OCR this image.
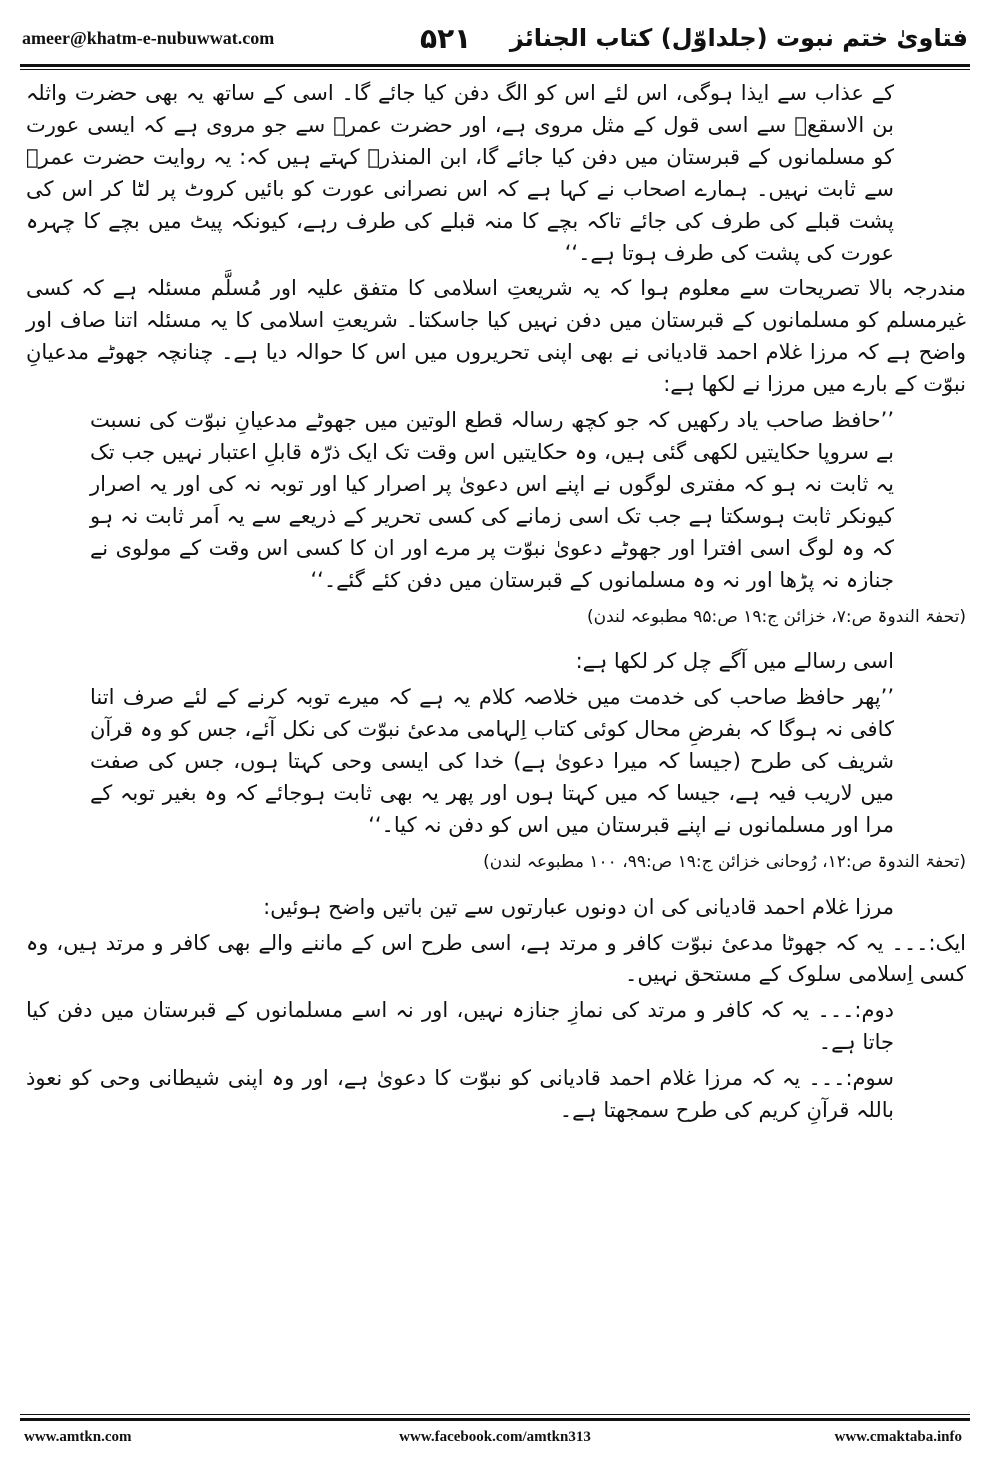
ameer@khatm-e-nubuwwat.com	۵۲۱ فتاویٰ ختم نبوت (جلداوّل) کتاب الجنائز

کے عذاب سے ایذا ہوگی، اس لئے اس کو الگ دفن کیا جائے گا۔ اسی کے ساتھ یہ بھی حضرت واثلہ بن الاسقعؓ سے اسی قول کے مثل مروی ہے، اور حضرت عمرؓ سے جو مروی ہے کہ ایسی عورت کو مسلمانوں کے قبرستان میں دفن کیا جائے گا، ابن المنذرؒ کہتے ہیں کہ: یہ روایت حضرت عمرؓ سے ثابت نہیں۔ ہمارے اصحاب نے کہا ہے کہ اس نصرانی عورت کو بائیں کروٹ پر لٹا کر اس کی پشت قبلے کی طرف کی جائے تاکہ بچے کا منہ قبلے کی طرف رہے، کیونکہ پیٹ میں بچے کا چہرہ عورت کی پشت کی طرف ہوتا ہے۔‘‘

مندرجہ بالا تصریحات سے معلوم ہوا کہ یہ شریعتِ اسلامی کا متفق علیہ اور مُسلَّم مسئلہ ہے کہ کسی غیرمسلم کو مسلمانوں کے قبرستان میں دفن نہیں کیا جاسکتا۔ شریعتِ اسلامی کا یہ مسئلہ اتنا صاف اور واضح ہے کہ مرزا غلام احمد قادیانی نے بھی اپنی تحریروں میں اس کا حوالہ دیا ہے۔ چنانچہ جھوٹے مدعیانِ نبوّت کے بارے میں مرزا نے لکھا ہے:

’’حافظ صاحب یاد رکھیں کہ جو کچھ رسالہ قطع الوتین میں جھوٹے مدعیانِ نبوّت کی نسبت بے سروپا حکایتیں لکھی گئی ہیں، وہ حکایتیں اس وقت تک ایک ذرّہ قابلِ اعتبار نہیں جب تک یہ ثابت نہ ہو کہ مفتری لوگوں نے اپنے اس دعویٰ پر اصرار کیا اور توبہ نہ کی اور یہ اصرار کیونکر ثابت ہوسکتا ہے جب تک اسی زمانے کی کسی تحریر کے ذریعے سے یہ اَمر ثابت نہ ہو کہ وہ لوگ اسی افترا اور جھوٹے دعویٰ نبوّت پر مرے اور ان کا کسی اس وقت کے مولوی نے جنازہ نہ پڑھا اور نہ وہ مسلمانوں کے قبرستان میں دفن کئے گئے۔‘‘

(تحفۃ الندوۃ ص:۷، خزائن ج:۱۹ ص:۹۵ مطبوعہ لندن)

اسی رسالے میں آگے چل کر لکھا ہے:

’’پھر حافظ صاحب کی خدمت میں خلاصہ کلام یہ ہے کہ میرے توبہ کرنے کے لئے صرف اتنا کافی نہ ہوگا کہ بفرضِ محال کوئی کتاب اِلہامی مدعیٔ نبوّت کی نکل آئے، جس کو وہ قرآن شریف کی طرح (جیسا کہ میرا دعویٰ ہے) خدا کی ایسی وحی کہتا ہوں، جس کی صفت میں لاریب فیہ ہے، جیسا کہ میں کہتا ہوں اور پھر یہ بھی ثابت ہوجائے کہ وہ بغیر توبہ کے مرا اور مسلمانوں نے اپنے قبرستان میں اس کو دفن نہ کیا۔‘‘

(تحفۃ الندوۃ ص:۱۲، رُوحانی خزائن ج:۱۹ ص:۹۹، ۱۰۰ مطبوعہ لندن)

مرزا غلام احمد قادیانی کی ان دونوں عبارتوں سے تین باتیں واضح ہوئیں:

ایک:۔۔۔ یہ کہ جھوٹا مدعیٔ نبوّت کافر و مرتد ہے، اسی طرح اس کے ماننے والے بھی کافر و مرتد ہیں، وہ کسی اِسلامی سلوک کے مستحق نہیں۔

دوم:۔۔۔ یہ کہ کافر و مرتد کی نمازِ جنازہ نہیں، اور نہ اسے مسلمانوں کے قبرستان میں دفن کیا جاتا ہے۔

سوم:۔۔۔ یہ کہ مرزا غلام احمد قادیانی کو نبوّت کا دعویٰ ہے، اور وہ اپنی شیطانی وحی کو نعوذ باللہ قرآنِ کریم کی طرح سمجھتا ہے۔

www.amtkn.com	www.facebook.com/amtkn313	www.cmaktaba.info
